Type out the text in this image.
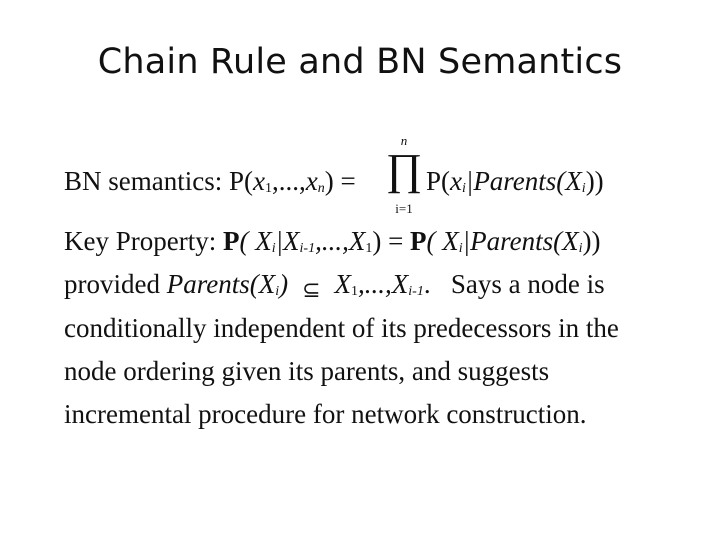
Chain Rule and BN Semantics
BN semantics: P(x1,...,xn) =
n
∏
i=1
P(xi|Parents(Xi))
Key Property: P( Xi|Xi-1,...,X1) = P( Xi|Parents(Xi))
provided Parents(Xi) ⊆ X1,...,Xi-1. Says a node is
conditionally independent of its predecessors in the
node ordering given its parents, and suggests
incremental procedure for network construction.
